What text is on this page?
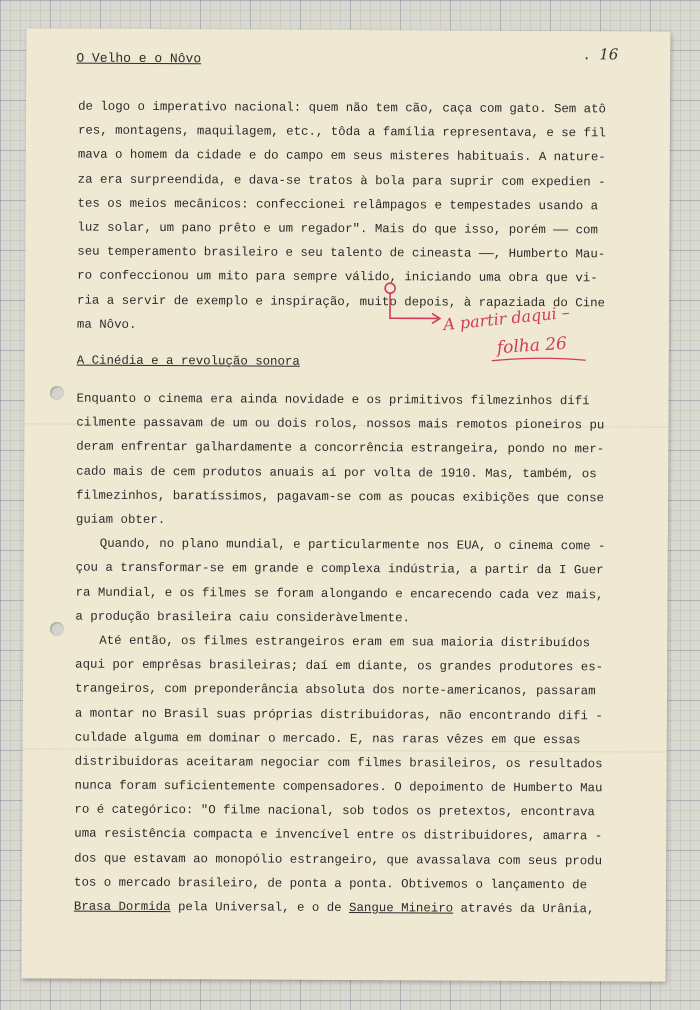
O Velho e o Nôvo	. 16
de logo o imperativo nacional: quem não tem cão, caça com gato. Sem atô
res, montagens, maquilagem, etc., tôda a família representava, e se fil
mava o homem da cidade e do campo em seus misteres habituais. A nature-
za era surpreendida, e dava-se tratos à bola para suprir com expedien -
tes os meios mecânicos: confeccionei relâmpagos e tempestades usando a
luz solar, um pano prêto e um regador". Mais do que isso, porém —— com
seu temperamento brasileiro e seu talento de cineasta ——, Humberto Mau-
ro confeccionou um mito para sempre válido, iniciando uma obra que vi-
ria a servir de exemplo e inspiração, muito depois, à rapaziada do Cine
ma Nôvo.
A Cinédia e a revolução sonora
Enquanto o cinema era ainda novidade e os primitivos filmezinhos difí
cilmente passavam de um ou dois rolos, nossos mais remotos pioneiros pu
deram enfrentar galhardamente a concorrência estrangeira, pondo no mer-
cado mais de cem produtos anuais aí por volta de 1910. Mas, também, os
filmezinhos, baratíssimos, pagavam-se com as poucas exibições que conse
guiam obter.
Quando, no plano mundial, e particularmente nos EUA, o cinema come -
çou a transformar-se em grande e complexa indústria, a partir da I Guer
ra Mundial, e os filmes se foram alongando e encarecendo cada vez mais,
a produção brasileira caiu consideràvelmente.
Até então, os filmes estrangeiros eram em sua maioria distribuídos
aqui por emprêsas brasileiras; daí em diante, os grandes produtores es-
trangeiros, com preponderância absoluta dos norte-americanos, passaram
a montar no Brasil suas próprias distribuidoras, não encontrando difi -
culdade alguma em dominar o mercado. E, nas raras vêzes em que essas
distribuidoras aceitaram negociar com filmes brasileiros, os resultados
nunca foram suficientemente compensadores. O depoimento de Humberto Mau
ro é categórico: "O filme nacional, sob todos os pretextos, encontrava
uma resistência compacta e invencível entre os distribuidores, amarra -
dos que estavam ao monopólio estrangeiro, que avassalava com seus produ
tos o mercado brasileiro, de ponta a ponta. Obtivemos o lançamento de
Brasa Dormida pela Universal, e o de Sangue Mineiro através da Urânia,
A partir daqui –
folha 26
